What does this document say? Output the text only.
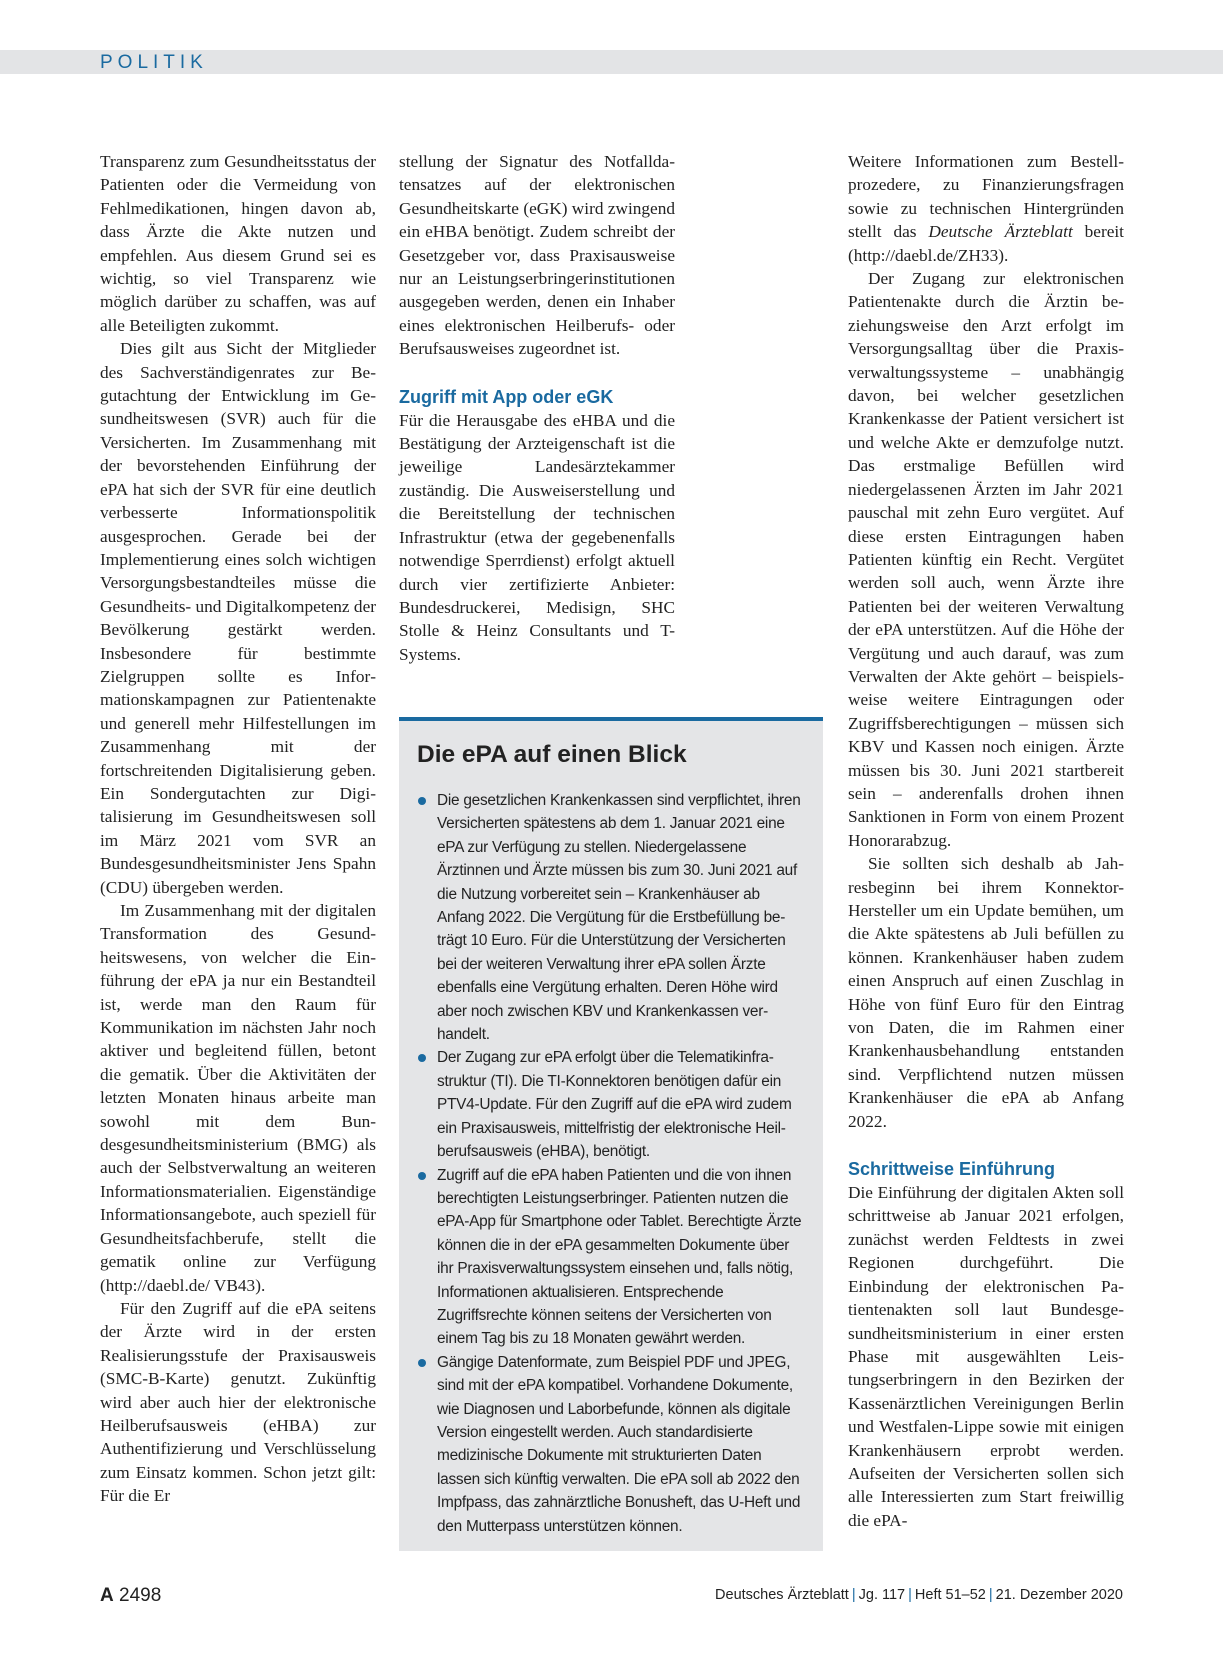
POLITIK

Transparenz zum Gesundheitsstatus der Patienten oder die Vermeidung von Fehlmedikationen, hingen davon ab, dass Ärzte die Akte nutzen und empfehlen. Aus diesem Grund sei es wichtig, so viel Transparenz wie möglich darüber zu schaffen, was auf alle Beteiligten zukommt.

Dies gilt aus Sicht der Mitglieder des Sachverständigenrates zur Begutachtung der Entwicklung im Gesundheitswesen (SVR) auch für die Versicherten. Im Zusammenhang mit der bevorstehenden Einführung der ePA hat sich der SVR für eine deutlich verbesserte Informationspolitik ausgesprochen. Gerade bei der Implementierung eines solch wichtigen Versorgungsbestandteiles müsse die Gesundheits- und Digitalkompetenz der Bevölkerung gestärkt werden. Insbesondere für bestimmte Zielgruppen sollte es Informationskampagnen zur Patientenakte und generell mehr Hilfestellungen im Zusammenhang mit der fortschreitenden Digitalisierung geben. Ein Sondergutachten zur Digitalisierung im Gesundheitswesen soll im März 2021 vom SVR an Bundesgesundheitsminister Jens Spahn (CDU) übergeben werden.

Im Zusammenhang mit der digitalen Transformation des Gesundheitswesens, von welcher die Einführung der ePA ja nur ein Bestandteil ist, werde man den Raum für Kommunikation im nächsten Jahr noch aktiver und begleitend füllen, betont die gematik. Über die Aktivitäten der letzten Monaten hinaus arbeite man sowohl mit dem Bundesgesundheitsministerium (BMG) als auch der Selbstverwaltung an weiteren Informationsmaterialien. Eigenständige Informationsangebote, auch speziell für Gesundheitsfachberufe, stellt die gematik online zur Verfügung (http://daebl.de/ VB43).

Für den Zugriff auf die ePA seitens der Ärzte wird in der ersten Realisierungsstufe der Praxisausweis (SMC-B-Karte) genutzt. Zukünftig wird aber auch hier der elektronische Heilberufsausweis (eHBA) zur Authentifizierung und Verschlüsselung zum Einsatz kommen. Schon jetzt gilt: Für die Er

stellung der Signatur des Notfalldatensatzes auf der elektronischen Gesundheitskarte (eGK) wird zwingend ein eHBA benötigt. Zudem schreibt der Gesetzgeber vor, dass Praxisausweise nur an Leistungserbringerinstitutionen ausgegeben werden, denen ein Inhaber eines elektronischen Heilberufs- oder Berufsausweises zugeordnet ist.

Zugriff mit App oder eGK

Für die Herausgabe des eHBA und die Bestätigung der Arzteigenschaft ist die jeweilige Landesärztekammer zuständig. Die Ausweiserstellung und die Bereitstellung der technischen Infrastruktur (etwa der gegebenenfalls notwendige Sperrdienst) erfolgt aktuell durch vier zertifizierte Anbieter: Bundesdruckerei, Medisign, SHC Stolle & Heinz Consultants und T-Systems.

Die ePA auf einen Blick
Die gesetzlichen Krankenkassen sind verpflichtet, ihren Versicherten spätestens ab dem 1. Januar 2021 eine ePA zur Verfügung zu stellen. Niedergelassene Ärztinnen und Ärzte müssen bis zum 30. Juni 2021 auf die Nutzung vorbereitet sein – Krankenhäuser ab Anfang 2022. Die Vergütung für die Erstbefüllung beträgt 10 Euro. Für die Unterstützung der Versicherten bei der weiteren Verwaltung ihrer ePA sollen Ärzte ebenfalls eine Vergütung erhalten. Deren Höhe wird aber noch zwischen KBV und Krankenkassen verhandelt.
Der Zugang zur ePA erfolgt über die Telematikinfrastruktur (TI). Die TI-Konnektoren benötigen dafür ein PTV4-Update. Für den Zugriff auf die ePA wird zudem ein Praxisausweis, mittelfristig der elektronische Heilberufsausweis (eHBA), benötigt.
Zugriff auf die ePA haben Patienten und die von ihnen berechtigten Leistungserbringer. Patienten nutzen die ePA-App für Smartphone oder Tablet. Berechtigte Ärzte können die in der ePA gesammelten Dokumente über ihr Praxisverwaltungssystem einsehen und, falls nötig, Informationen aktualisieren. Entsprechende Zugriffsrechte können seitens der Versicherten von einem Tag bis zu 18 Monaten gewährt werden.
Gängige Datenformate, zum Beispiel PDF und JPEG, sind mit der ePA kompatibel. Vorhandene Dokumente, wie Diagnosen und Laborbefunde, können als digitale Version eingestellt werden. Auch standardisierte medizinische Dokumente mit strukturierten Daten lassen sich künftig verwalten. Die ePA soll ab 2022 den Impfpass, das zahnärztliche Bonusheft, das U-Heft und den Mutterpass unterstützen können.

Weitere Informationen zum Bestellprozedere, zu Finanzierungsfragen sowie zu technischen Hintergründen stellt das Deutsche Ärzteblatt bereit (http://daebl.de/ZH33).

Der Zugang zur elektronischen Patientenakte durch die Ärztin beziehungsweise den Arzt erfolgt im Versorgungsalltag über die Praxisverwaltungssysteme – unabhängig davon, bei welcher gesetzlichen Krankenkasse der Patient versichert ist und welche Akte er demzufolge nutzt. Das erstmalige Befüllen wird niedergelassenen Ärzten im Jahr 2021 pauschal mit zehn Euro vergütet. Auf diese ersten Eintragungen haben Patienten künftig ein Recht. Vergütet werden soll auch, wenn Ärzte ihre Patienten bei der weiteren Verwaltung der ePA unterstützen. Auf die Höhe der Vergütung und auch darauf, was zum Verwalten der Akte gehört – beispielsweise weitere Eintragungen oder Zugriffsberechtigungen – müssen sich KBV und Kassen noch einigen. Ärzte müssen bis 30. Juni 2021 startbereit sein – anderenfalls drohen ihnen Sanktionen in Form von einem Prozent Honorarabzug.

Sie sollten sich deshalb ab Jahresbeginn bei ihrem Konnektor-Hersteller um ein Update bemühen, um die Akte spätestens ab Juli befüllen zu können. Krankenhäuser haben zudem einen Anspruch auf einen Zuschlag in Höhe von fünf Euro für den Eintrag von Daten, die im Rahmen einer Krankenhausbehandlung entstanden sind. Verpflichtend nutzen müssen Krankenhäuser die ePA ab Anfang 2022.

Schrittweise Einführung

Die Einführung der digitalen Akten soll schrittweise ab Januar 2021 erfolgen, zunächst werden Feldtests in zwei Regionen durchgeführt. Die Einbindung der elektronischen Patientenakten soll laut Bundesgesundheitsministerium in einer ersten Phase mit ausgewählten Leistungserbringern in den Bezirken der Kassenärztlichen Vereinigungen Berlin und Westfalen-Lippe sowie mit einigen Krankenhäusern erprobt werden. Aufseiten der Versicherten sollen sich alle Interessierten zum Start freiwillig die ePA-

A 2498	Deutsches Ärzteblatt | Jg. 117 | Heft 51–52 | 21. Dezember 2020
